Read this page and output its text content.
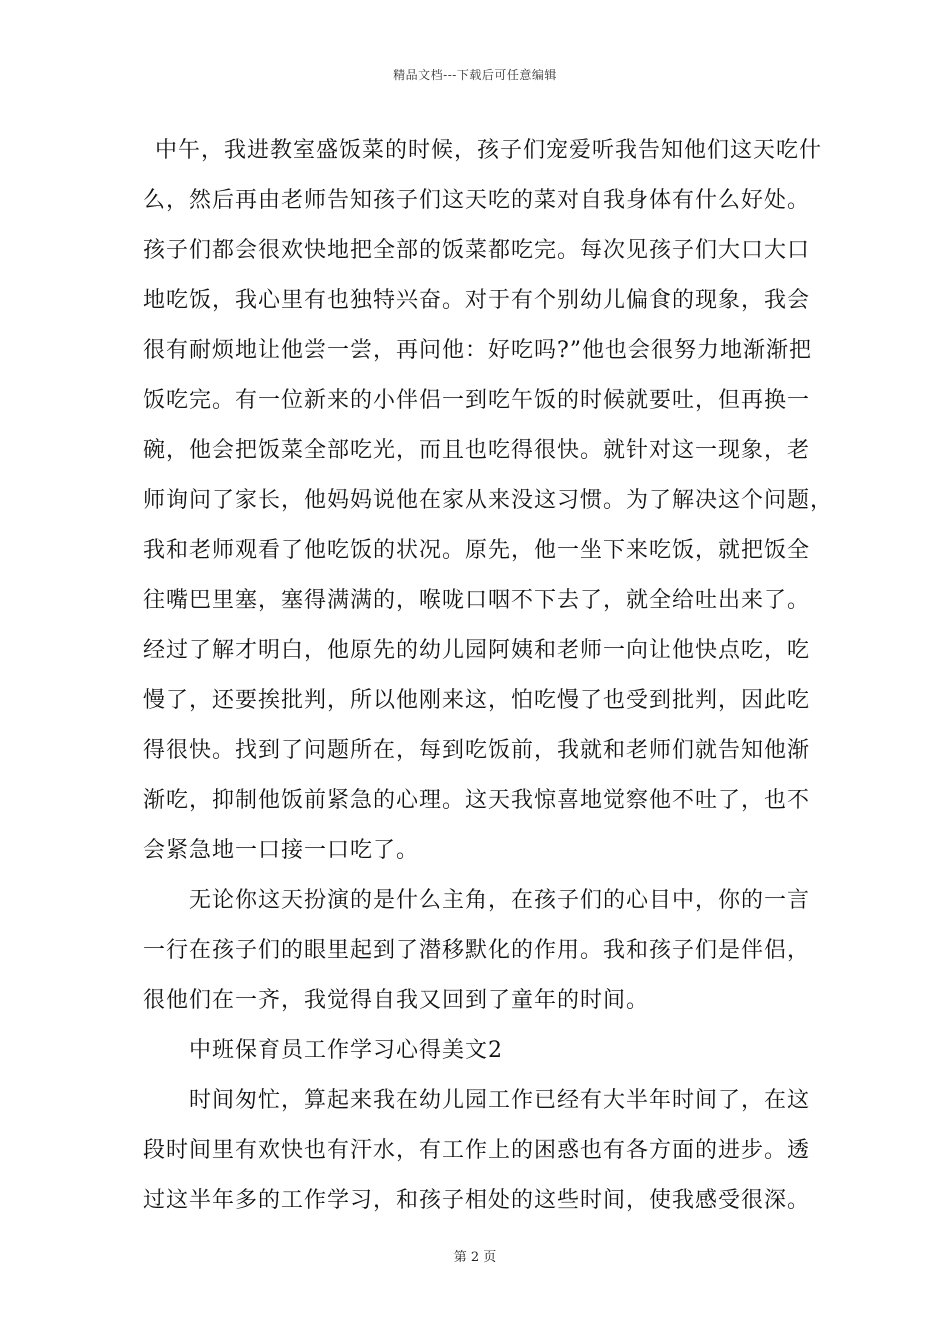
精品文档---下载后可任意编辑
中午，我进教室盛饭菜的时候，孩子们宠爱听我告知他们这天吃什
么，然后再由老师告知孩子们这天吃的菜对自我身体有什么好处。
孩子们都会很欢快地把全部的饭菜都吃完。每次见孩子们大口大口
地吃饭，我心里有也独特兴奋。对于有个别幼儿偏食的现象，我会
很有耐烦地让他尝一尝，再问他：好吃吗?”他也会很努力地渐渐把
饭吃完。有一位新来的小伴侣一到吃午饭的时候就要吐，但再换一
碗，他会把饭菜全部吃光，而且也吃得很快。就针对这一现象，老
师询问了家长，他妈妈说他在家从来没这习惯。为了解决这个问题，
我和老师观看了他吃饭的状况。原先，他一坐下来吃饭，就把饭全
往嘴巴里塞，塞得满满的，喉咙口咽不下去了，就全给吐出来了。
经过了解才明白，他原先的幼儿园阿姨和老师一向让他快点吃，吃
慢了，还要挨批判，所以他刚来这，怕吃慢了也受到批判，因此吃
得很快。找到了问题所在，每到吃饭前，我就和老师们就告知他渐
渐吃，抑制他饭前紧急的心理。这天我惊喜地觉察他不吐了，也不
会紧急地一口接一口吃了。
无论你这天扮演的是什么主角，在孩子们的心目中，你的一言
一行在孩子们的眼里起到了潜移默化的作用。我和孩子们是伴侣，
很他们在一齐，我觉得自我又回到了童年的时间。
中班保育员工作学习心得美文2
时间匆忙，算起来我在幼儿园工作已经有大半年时间了，在这
段时间里有欢快也有汗水，有工作上的困惑也有各方面的进步。透
过这半年多的工作学习，和孩子相处的这些时间，使我感受很深。
第 2 页
